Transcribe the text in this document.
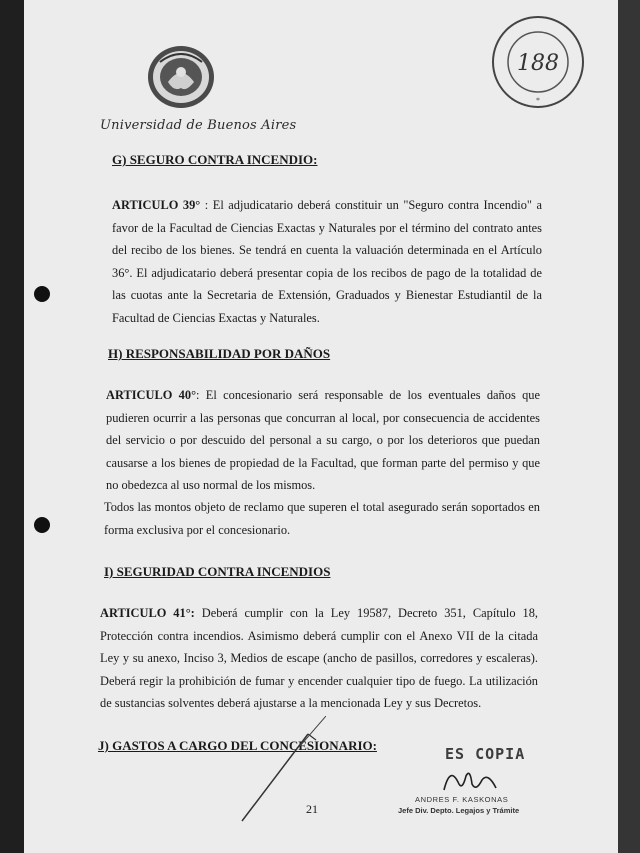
Universidad de Buenos Aires
188
*
G) SEGURO CONTRA INCENDIO:
ARTICULO 39° : El adjudicatario deberá constituir un "Seguro contra Incendio" a favor de la Facultad de Ciencias Exactas y Naturales por el término del contrato antes del recibo de los bienes. Se tendrá en cuenta la valuación determinada en el Artículo 36°. El adjudicatario deberá presentar copia de los recibos de pago de la totalidad de las cuotas ante la Secretaria de Extensión, Graduados y Bienestar Estudiantil de la Facultad de Ciencias Exactas y Naturales.
H) RESPONSABILIDAD POR DAÑOS
ARTICULO 40°: El concesionario será responsable de los eventuales daños que pudieren ocurrir a las personas que concurran al local, por consecuencia de accidentes del servicio o por descuido del personal a su cargo, o por los deterioros que puedan causarse a los bienes de propiedad de la Facultad, que forman parte del permiso y que no obedezca al uso normal de los mismos.
Todos las montos objeto de reclamo que superen el total asegurado serán soportados en forma exclusiva por el concesionario.
I) SEGURIDAD CONTRA INCENDIOS
ARTICULO 41°: Deberá cumplir con la Ley 19587, Decreto 351, Capítulo 18, Protección contra incendios. Asimismo deberá cumplir con el Anexo VII de la citada Ley y su anexo, Inciso 3, Medios de escape (ancho de pasillos, corredores y escaleras). Deberá regir la prohibición de fumar y encender cualquier tipo de fuego. La utilización de sustancias solventes deberá ajustarse a la mencionada Ley y sus Decretos.
J) GASTOS A CARGO DEL CONCESIONARIO:
21
ES COPIA
ANDRES F. KASKONAS
Jefe Div. Depto. Legajos y Trámite
